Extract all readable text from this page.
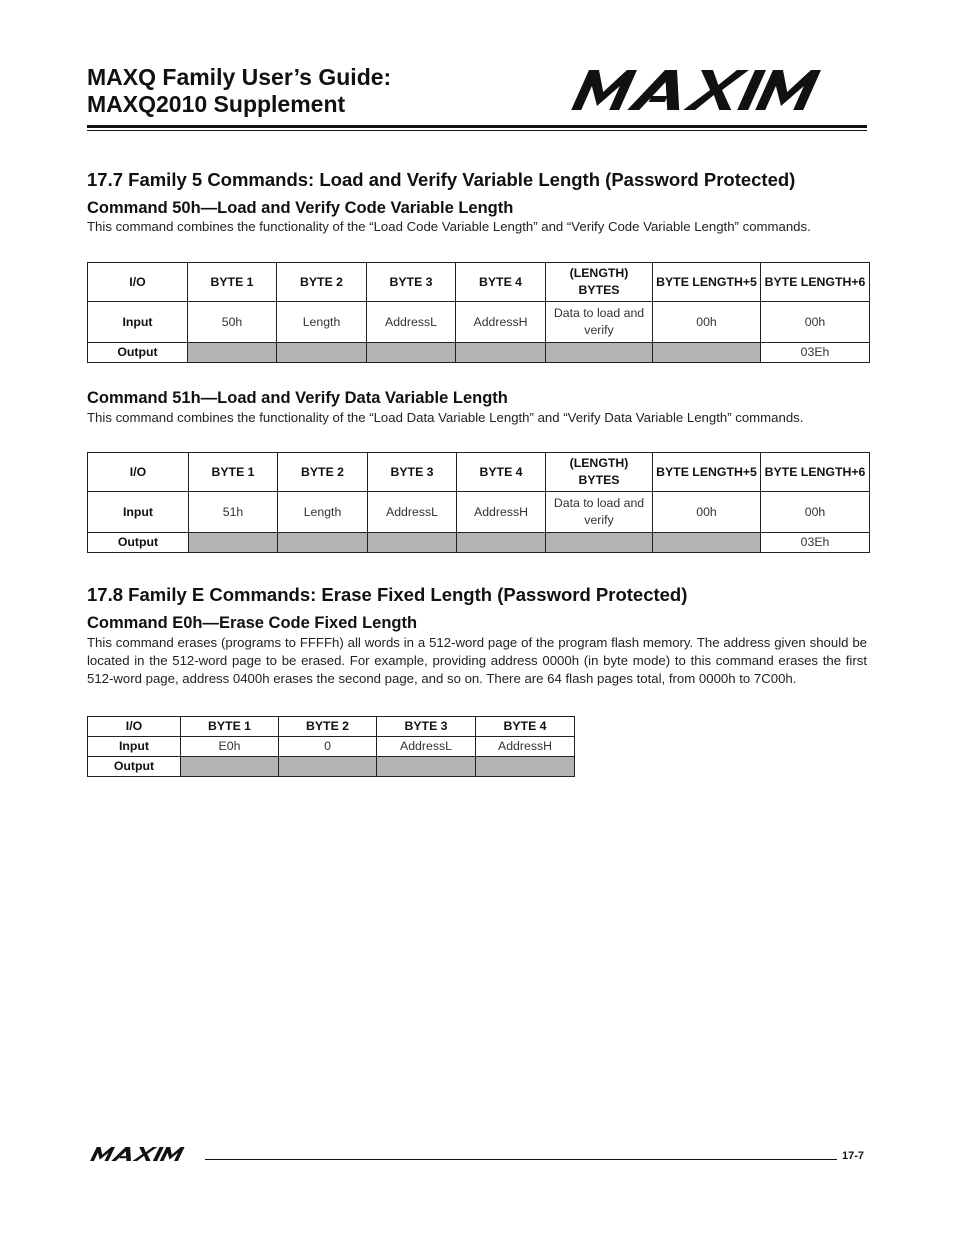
MAXQ Family User’s Guide:
MAXQ2010 Supplement
17.7 Family 5 Commands: Load and Verify Variable Length (Password Protected)
Command 50h—Load and Verify Code Variable Length
This command combines the functionality of the “Load Code Variable Length” and “Verify Code Variable Length” commands.
I/O	BYTE 1	BYTE 2	BYTE 3	BYTE 4	(LENGTH) BYTES	BYTE LENGTH+5	BYTE LENGTH+6
Input	50h	Length	AddressL	AddressH	Data to load and verify	00h	00h
Output							03Eh
Command 51h—Load and Verify Data Variable Length
This command combines the functionality of the “Load Data Variable Length” and “Verify Data Variable Length” commands.
I/O	BYTE 1	BYTE 2	BYTE 3	BYTE 4	(LENGTH) BYTES	BYTE LENGTH+5	BYTE LENGTH+6
Input	51h	Length	AddressL	AddressH	Data to load and verify	00h	00h
Output							03Eh
17.8 Family E Commands: Erase Fixed Length (Password Protected)
Command E0h—Erase Code Fixed Length
This command erases (programs to FFFFh) all words in a 512-word page of the program flash memory. The address given should be located in the 512-word page to be erased. For example, providing address 0000h (in byte mode) to this command erases the first 512-word page, address 0400h erases the second page, and so on. There are 64 flash pages total, from 0000h to 7C00h.
I/O	BYTE 1	BYTE 2	BYTE 3	BYTE 4
Input	E0h	0	AddressL	AddressH
Output				
17-7
